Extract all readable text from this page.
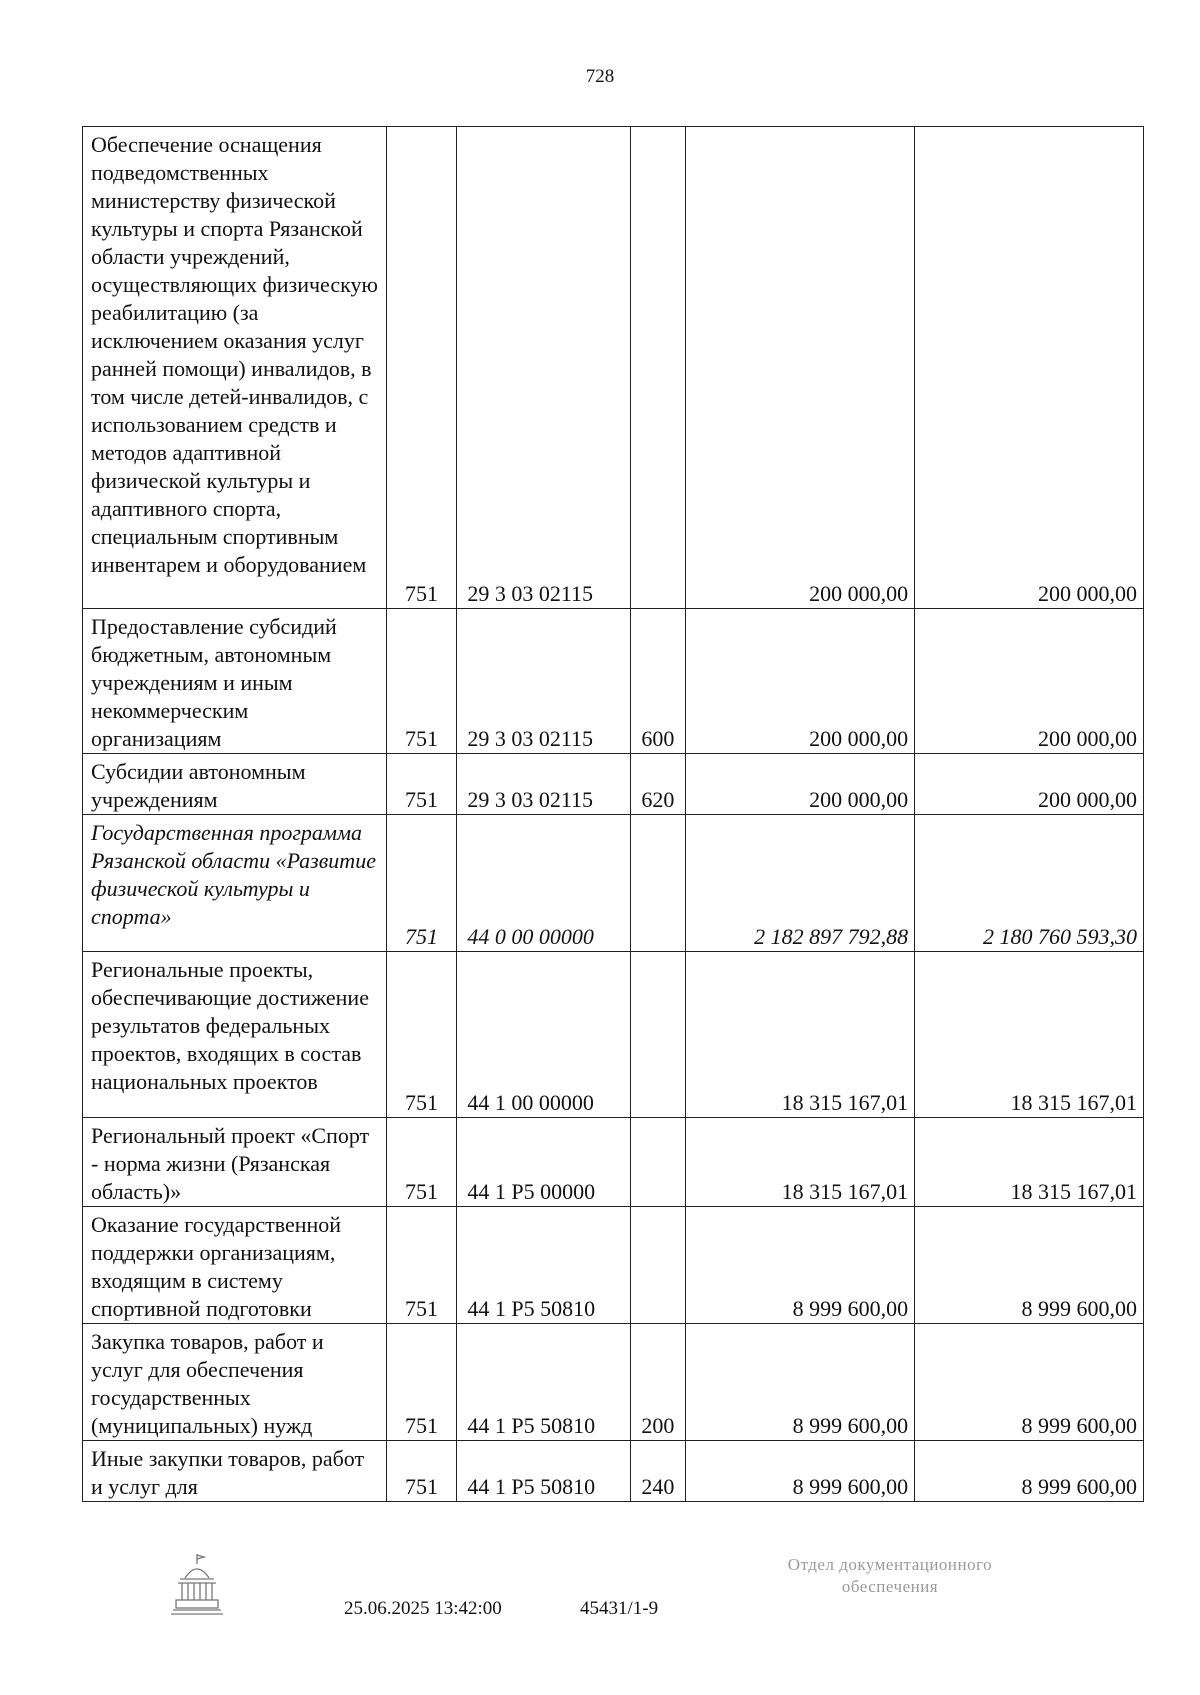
728
Обеспечение оснащения подведомственных министерству физической культуры и спорта Рязанской области учреждений, осуществляющих физическую реабилитацию (за исключением оказания услуг ранней помощи) инвалидов, в том числе детей-инвалидов, с использованием средств и методов адаптивной физической культуры и адаптивного спорта, специальным спортивным инвентарем и оборудованием	751	29 3 03 02115		200 000,00	200 000,00
Предоставление субсидий бюджетным, автономным учреждениям и иным некоммерческим организациям	751	29 3 03 02115	600	200 000,00	200 000,00
Субсидии автономным учреждениям	751	29 3 03 02115	620	200 000,00	200 000,00
Государственная программа Рязанской области «Развитие физической культуры и спорта»	751	44 0 00 00000		2 182 897 792,88	2 180 760 593,30
Региональные проекты, обеспечивающие достижение результатов федеральных проектов, входящих в состав национальных проектов	751	44 1 00 00000		18 315 167,01	18 315 167,01
Региональный проект «Спорт - норма жизни (Рязанская область)»	751	44 1 P5 00000		18 315 167,01	18 315 167,01
Оказание государственной поддержки организациям, входящим в систему спортивной подготовки	751	44 1 P5 50810		8 999 600,00	8 999 600,00
Закупка товаров, работ и услуг для обеспечения государственных (муниципальных) нужд	751	44 1 P5 50810	200	8 999 600,00	8 999 600,00
Иные закупки товаров, работ и услуг для	751	44 1 P5 50810	240	8 999 600,00	8 999 600,00
25.06.2025 13:42:00	45431/1-9
Отдел документационного
обеспечения
